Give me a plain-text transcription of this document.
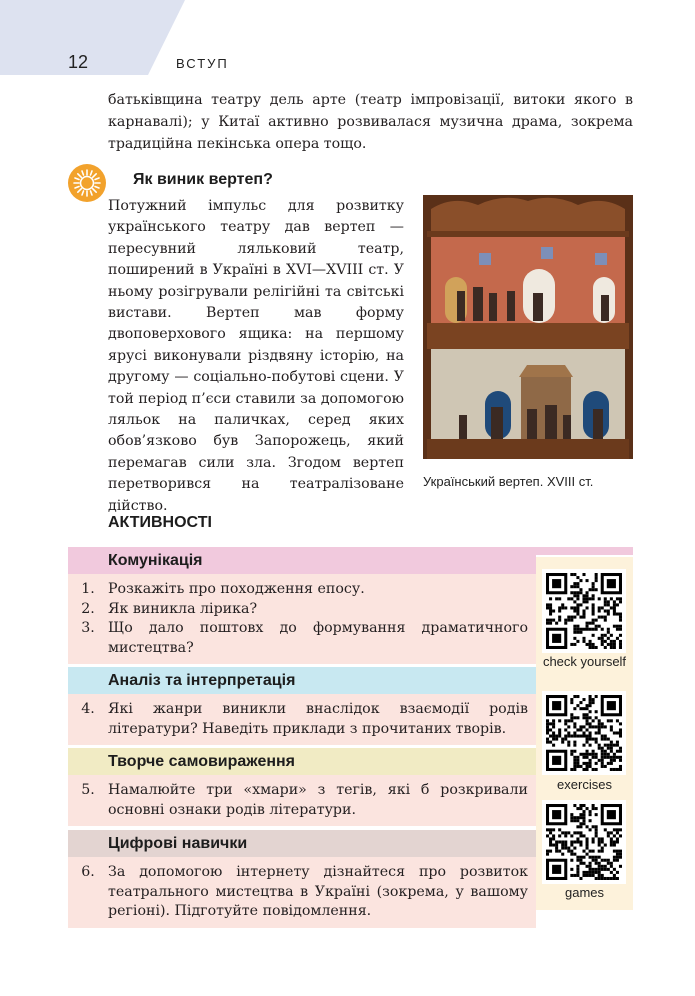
12	ВСТУП

батьківщина театру дель арте (театр імпровізації, витоки якого в карнавалі); у Китаї активно розвивалася музична драма, зокрема традиційна пекінська опера тощо.

Як виник вертеп?

Потужний імпульс для розвитку українського театру дав вертеп — пересувний ляльковий театр, поширений в Україні в XVI—XVIII ст. У ньому розігрували релігійні та світські вистави. Вертеп мав форму двоповерхового ящика: на першому ярусі виконували різдвяну історію, на другому — соціально-побутові сцени. У той період п’єси ставили за допомогою ляльок на паличках, серед яких обов’язково був Запорожець, який перемагав сили зла. Згодом вертеп перетворився на театралізоване дійство.

Український вертеп. XVIII ст.
АКТИВНОСТІ
Комунікація
1. Розкажіть про походження епосу.
2. Як виникла лірика?
3. Що дало поштовх до формування драматичного мистецтва?
Аналіз та інтерпретація
4. Які жанри виникли внаслідок взаємодії родів літератури? Наведіть приклади з прочитаних творів.
Творче самовираження
5. Намалюйте три «хмари» з тегів, які б розкривали основні ознаки родів літератури.
Цифрові навички
6. За допомогою інтернету дізнайтеся про розвиток театрального мистецтва в Україні (зокрема, у вашому регіоні). Підготуйте повідомлення.
check yourself
exercises
games
